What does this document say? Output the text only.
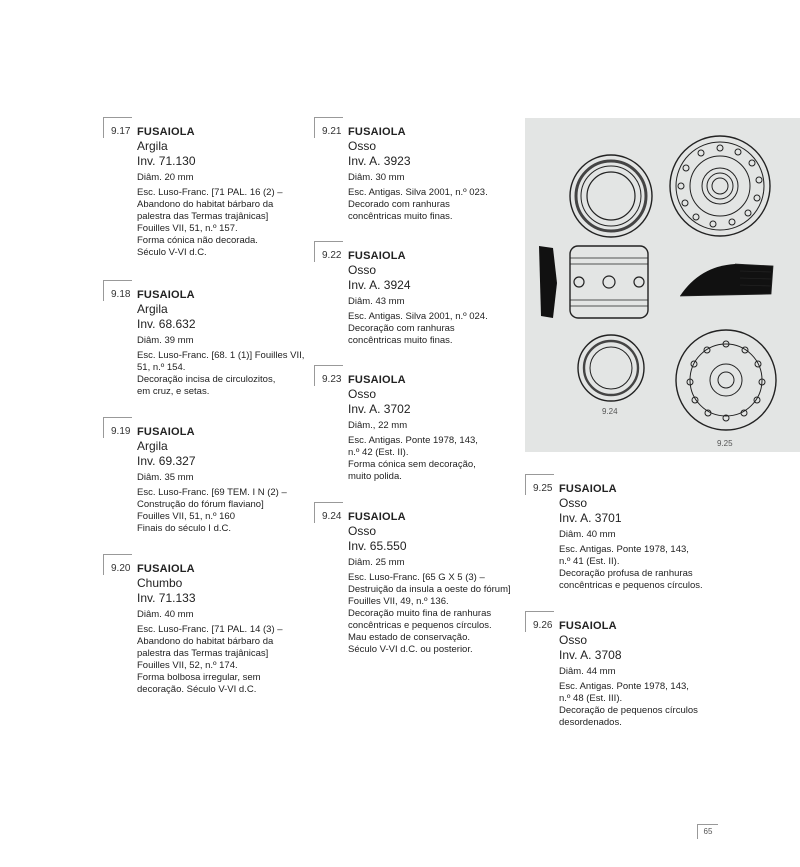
9.17 FUSAIOLA
Argila
Inv. 71.130
Diâm. 20 mm
Esc. Luso-Franc. [71 PAL. 16 (2) –
Abandono do habitat bárbaro da
palestra das Termas trajânicas]
Fouilles VII, 51, n.º 157.
Forma cónica não decorada.
Século V-VI d.C.
9.18 FUSAIOLA
Argila
Inv. 68.632
Diâm. 39 mm
Esc. Luso-Franc. [68. 1 (1)] Fouilles VII,
51, n.º 154.
Decoração incisa de circulozitos,
em cruz, e setas.
9.19 FUSAIOLA
Argila
Inv. 69.327
Diâm. 35 mm
Esc. Luso-Franc. [69 TEM. I N (2) –
Construção do fórum flaviano]
Fouilles VII, 51, n.º 160
Finais do século I d.C.
9.20 FUSAIOLA
Chumbo
Inv. 71.133
Diâm. 40 mm
Esc. Luso-Franc. [71 PAL. 14 (3) –
Abandono do habitat bárbaro da
palestra das Termas trajânicas]
Fouilles VII, 52, n.º 174.
Forma bolbosa irregular, sem
decoração. Século V-VI d.C.
9.21 FUSAIOLA
Osso
Inv. A. 3923
Diâm. 30 mm
Esc. Antigas. Silva 2001, n.º 023.
Decorado com ranhuras
concêntricas muito finas.
9.22 FUSAIOLA
Osso
Inv. A. 3924
Diâm. 43 mm
Esc. Antigas. Silva 2001, n.º 024.
Decoração com ranhuras
concêntricas muito finas.
9.23 FUSAIOLA
Osso
Inv. A. 3702
Diâm., 22 mm
Esc. Antigas. Ponte 1978, 143,
n.º 42 (Est. II).
Forma cónica sem decoração,
muito polida.
9.24 FUSAIOLA
Osso
Inv. 65.550
Diâm. 25 mm
Esc. Luso-Franc. [65 G X 5 (3) –
Destruição da insula a oeste do fórum]
Fouilles VII, 49, n.º 136.
Decoração muito fina de ranhuras
concêntricas e pequenos círculos.
Mau estado de conservação.
Século V-VI d.C. ou posterior.
9.25 FUSAIOLA
Osso
Inv. A. 3701
Diâm. 40 mm
Esc. Antigas. Ponte 1978, 143,
n.º 41 (Est. II).
Decoração profusa de ranhuras
concêntricas e pequenos círculos.
9.26 FUSAIOLA
Osso
Inv. A. 3708
Diâm. 44 mm
Esc. Antigas. Ponte 1978, 143,
n.º 48 (Est. III).
Decoração de pequenos círculos
desordenados.
9.24
9.25
65
